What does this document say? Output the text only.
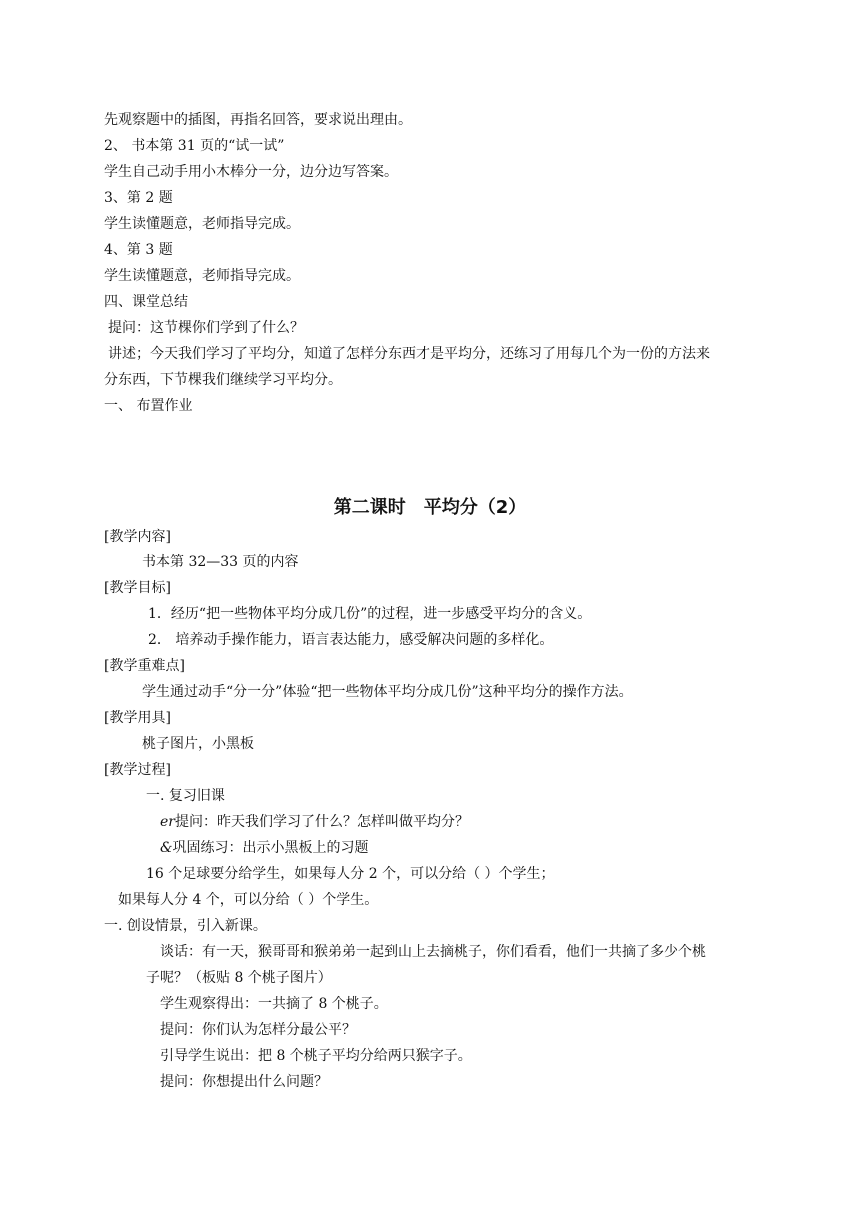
先观察题中的插图，再指名回答，要求说出理由。
2、 书本第 31 页的“试一试”
学生自己动手用小木棒分一分，边分边写答案。
3、第 2 题
学生读懂题意，老师指导完成。
4、第 3 题
学生读懂题意，老师指导完成。
四、课堂总结
提问：这节棵你们学到了什么？
讲述；今天我们学习了平均分，知道了怎样分东西才是平均分，还练习了用每几个为一份的方法来
分东西，下节棵我们继续学习平均分。
一、 布置作业
第二课时　平均分（2）
[教学内容]
书本第 32—33 页的内容
[教学目标]
1．经历“把一些物体平均分成几份”的过程，进一步感受平均分的含义。
2． 培养动手操作能力，语言表达能力，感受解决问题的多样化。
[教学重难点]
学生通过动手“分一分”体验“把一些物体平均分成几份”这种平均分的操作方法。
[教学用具]
桃子图片，小黑板
[教学过程]
一. 复习旧课
er提问：昨天我们学习了什么？怎样叫做平均分？
&巩固练习：出示小黑板上的习题
16 个足球要分给学生，如果每人分 2 个，可以分给（ ）个学生；
如果每人分 4 个，可以分给（ ）个学生。
一. 创设情景，引入新课。
谈话：有一天，猴哥哥和猴弟弟一起到山上去摘桃子，你们看看，他们一共摘了多少个桃
子呢？（板贴 8 个桃子图片）
学生观察得出：一共摘了 8 个桃子。
提问：你们认为怎样分最公平？
引导学生说出：把 8 个桃子平均分给两只猴字子。
提问：你想提出什么问题？
